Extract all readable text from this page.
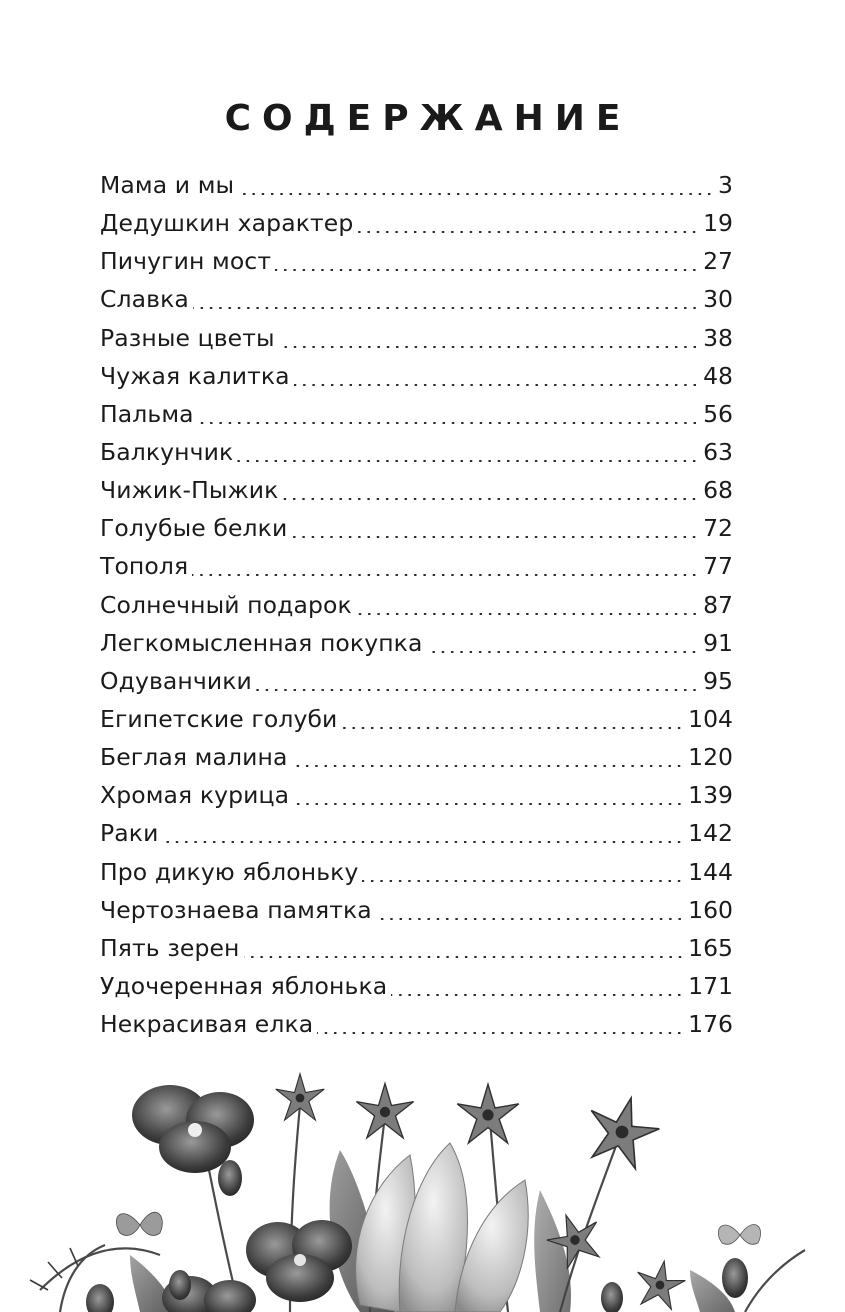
СОДЕРЖАНИЕ
Мама и мы	3
Дедушкин характер	19
Пичугин мост	27
Славка	30
Разные цветы	38
Чужая калитка	48
Пальма	56
Балкунчик	63
Чижик-Пыжик	68
Голубые белки	72
Тополя	77
Солнечный подарок	87
Легкомысленная покупка	91
Одуванчики	95
Египетские голуби	104
Беглая малина	120
Хромая курица	139
Раки	142
Про дикую яблоньку	144
Чертознаева памятка	160
Пять зерен	165
Удочеренная яблонька	171
Некрасивая елка	176
